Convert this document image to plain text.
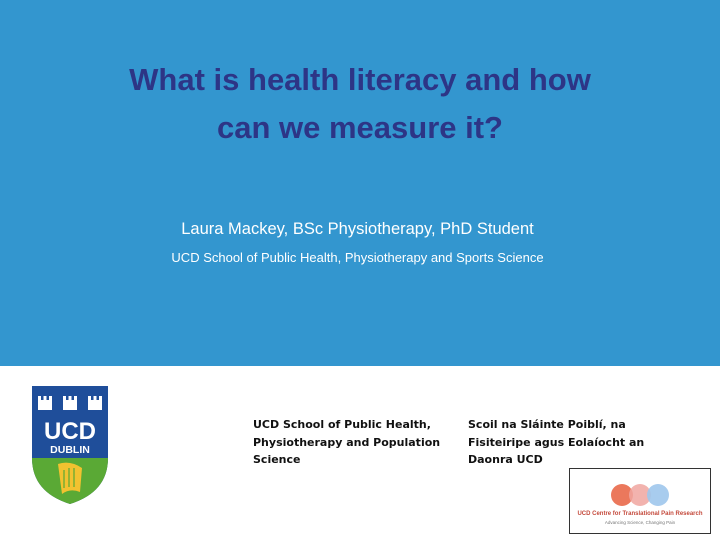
What is health literacy and how
can we measure it?
Laura Mackey, BSc Physiotherapy, PhD Student
UCD School of Public Health, Physiotherapy and Sports Science
UCD
DUBLIN
UCD School of Public Health,
Physiotherapy and Population
Science
Scoil na Sláinte Poiblí, na
Fisiteiripe agus Eolaíocht an
Daonra UCD
UCD Centre for Translational Pain Research
Advancing Science, Changing Pain
